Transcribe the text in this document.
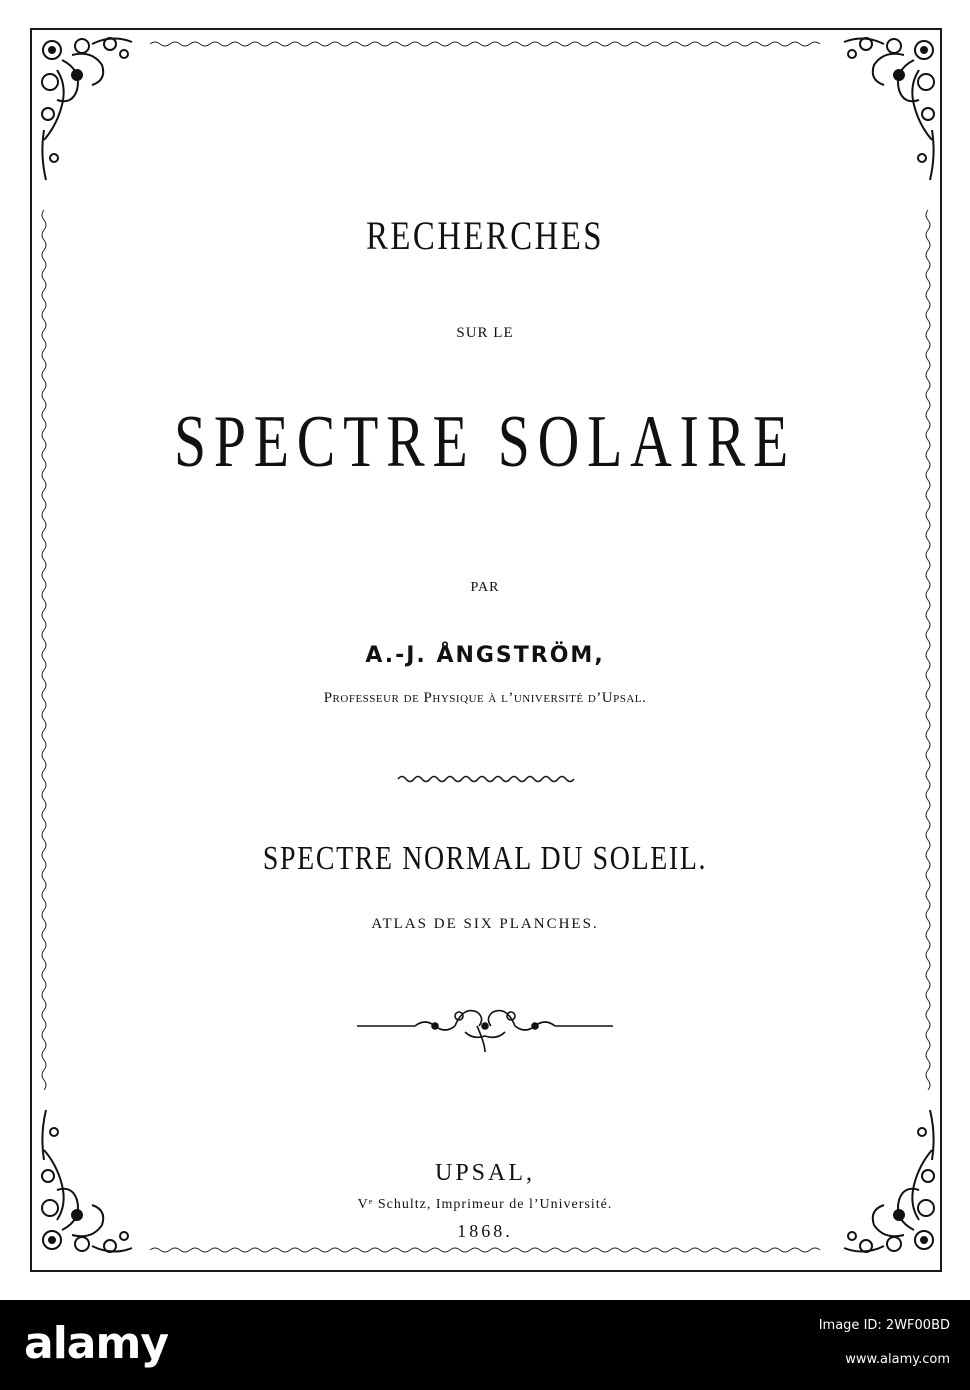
RECHERCHES
SUR LE
SPECTRE SOLAIRE
PAR
A.-J. ÅNGSTRÖM,
Professeur de Physique à l’université d’Upsal.
SPECTRE NORMAL DU SOLEIL.
ATLAS DE SIX PLANCHES.
UPSAL,
Vᵉ Schultz, Imprimeur de l’Université.
1868.
alamy	Image ID: 2WF00BD
www.alamy.com
